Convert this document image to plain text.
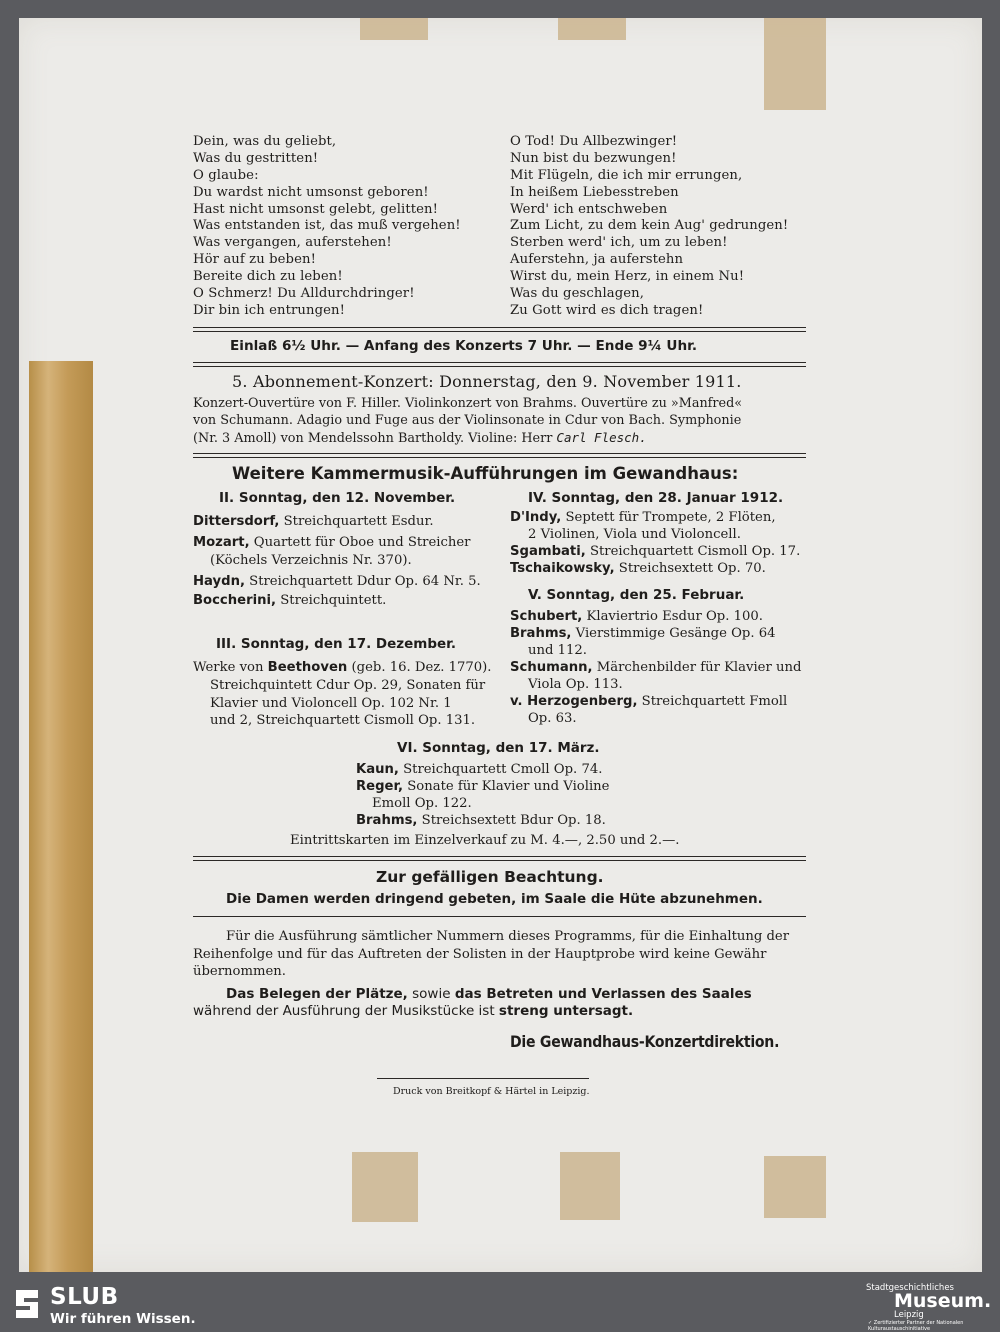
Dein, was du geliebt,
Was du gestritten!
O glaube:
Du wardst nicht umsonst geboren!
Hast nicht umsonst gelebt, gelitten!
Was entstanden ist, das muß vergehen!
Was vergangen, auferstehen!
Hör auf zu beben!
Bereite dich zu leben!
O Schmerz! Du Alldurchdringer!
Dir bin ich entrungen!
O Tod! Du Allbezwinger!
Nun bist du bezwungen!
Mit Flügeln, die ich mir errungen,
In heißem Liebesstreben
Werd' ich entschweben
Zum Licht, zu dem kein Aug' gedrungen!
Sterben werd' ich, um zu leben!
Auferstehn, ja auferstehn
Wirst du, mein Herz, in einem Nu!
Was du geschlagen,
Zu Gott wird es dich tragen!
Einlaß 6½ Uhr. — Anfang des Konzerts 7 Uhr. — Ende 9¼ Uhr.
5. Abonnement-Konzert: Donnerstag, den 9. November 1911.
Konzert-Ouvertüre von F. Hiller. Violinkonzert von Brahms. Ouvertüre zu »Manfred«
von Schumann. Adagio und Fuge aus der Violinsonate in Cdur von Bach. Symphonie
(Nr. 3 Amoll) von Mendelssohn Bartholdy. Violine: Herr Carl Flesch.
Weitere Kammermusik-Aufführungen im Gewandhaus:
II. Sonntag, den 12. November.
Dittersdorf, Streichquartett Esdur.
Mozart, Quartett für Oboe und Streicher
(Köchels Verzeichnis Nr. 370).
Haydn, Streichquartett Ddur Op. 64 Nr. 5.
Boccherini, Streichquintett.
III. Sonntag, den 17. Dezember.
Werke von Beethoven (geb. 16. Dez. 1770).
Streichquintett Cdur Op. 29, Sonaten für
Klavier und Violoncell Op. 102 Nr. 1
und 2, Streichquartett Cismoll Op. 131.
IV. Sonntag, den 28. Januar 1912.
D'Indy, Septett für Trompete, 2 Flöten,
2 Violinen, Viola und Violoncell.
Sgambati, Streichquartett Cismoll Op. 17.
Tschaikowsky, Streichsextett Op. 70.
V. Sonntag, den 25. Februar.
Schubert, Klaviertrio Esdur Op. 100.
Brahms, Vierstimmige Gesänge Op. 64
und 112.
Schumann, Märchenbilder für Klavier und
Viola Op. 113.
v. Herzogenberg, Streichquartett Fmoll
Op. 63.
VI. Sonntag, den 17. März.
Kaun, Streichquartett Cmoll Op. 74.
Reger, Sonate für Klavier und Violine
Emoll Op. 122.
Brahms, Streichsextett Bdur Op. 18.
Eintrittskarten im Einzelverkauf zu M. 4.—, 2.50 und 2.—.
Zur gefälligen Beachtung.
Die Damen werden dringend gebeten, im Saale die Hüte abzunehmen.
Für die Ausführung sämtlicher Nummern dieses Programms, für die Einhaltung der
Reihenfolge und für das Auftreten der Solisten in der Hauptprobe wird keine Gewähr
übernommen.
Das Belegen der Plätze, sowie das Betreten und Verlassen des Saales
während der Ausführung der Musikstücke ist streng untersagt.
Die Gewandhaus-Konzertdirektion.
Druck von Breitkopf & Härtel in Leipzig.
SLUB
Wir führen Wissen.
Stadtgeschichtliches
Museum.
Leipzig
✓ Zertifizierter Partner der Nationalen Kulturaustauschinitiative
